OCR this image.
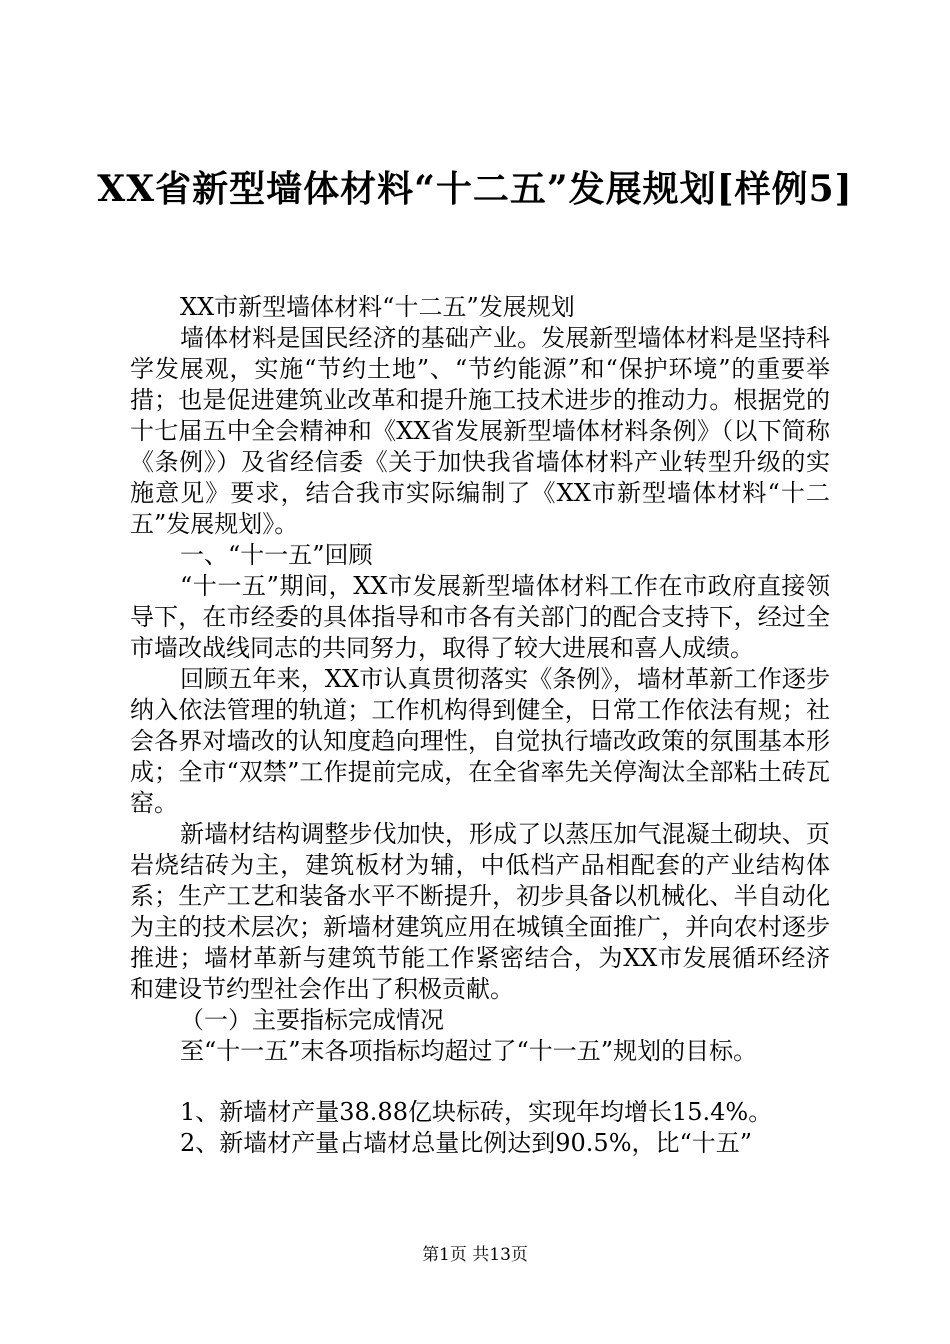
XX省新型墙体材料“十二五”发展规划[样例5]

XX市新型墙体材料“十二五”发展规划

墙体材料是国民经济的基础产业。发展新型墙体材料是坚持科学发展观，实施“节约土地”、“节约能源”和“保护环境”的重要举措；也是促进建筑业改革和提升施工技术进步的推动力。根据党的十七届五中全会精神和《XX省发展新型墙体材料条例》（以下简称《条例》）及省经信委《关于加快我省墙体材料产业转型升级的实施意见》要求，结合我市实际编制了《XX市新型墙体材料“十二五”发展规划》。

一、“十一五”回顾

“十一五”期间，XX市发展新型墙体材料工作在市政府直接领导下，在市经委的具体指导和市各有关部门的配合支持下，经过全市墙改战线同志的共同努力，取得了较大进展和喜人成绩。

回顾五年来，XX市认真贯彻落实《条例》，墙材革新工作逐步纳入依法管理的轨道；工作机构得到健全，日常工作依法有规；社会各界对墙改的认知度趋向理性，自觉执行墙改政策的氛围基本形成；全市“双禁”工作提前完成，在全省率先关停淘汰全部粘土砖瓦窑。

新墙材结构调整步伐加快，形成了以蒸压加气混凝土砌块、页岩烧结砖为主，建筑板材为辅，中低档产品相配套的产业结构体系；生产工艺和装备水平不断提升，初步具备以机械化、半自动化为主的技术层次；新墙材建筑应用在城镇全面推广，并向农村逐步推进；墙材革新与建筑节能工作紧密结合，为XX市发展循环经济和建设节约型社会作出了积极贡献。

（一）主要指标完成情况

至“十一五”末各项指标均超过了“十一五”规划的目标。

1、新墙材产量38.88亿块标砖，实现年均增长15.4%。

2、新墙材产量占墙材总量比例达到90.5%，比“十五”

第1页 共13页
